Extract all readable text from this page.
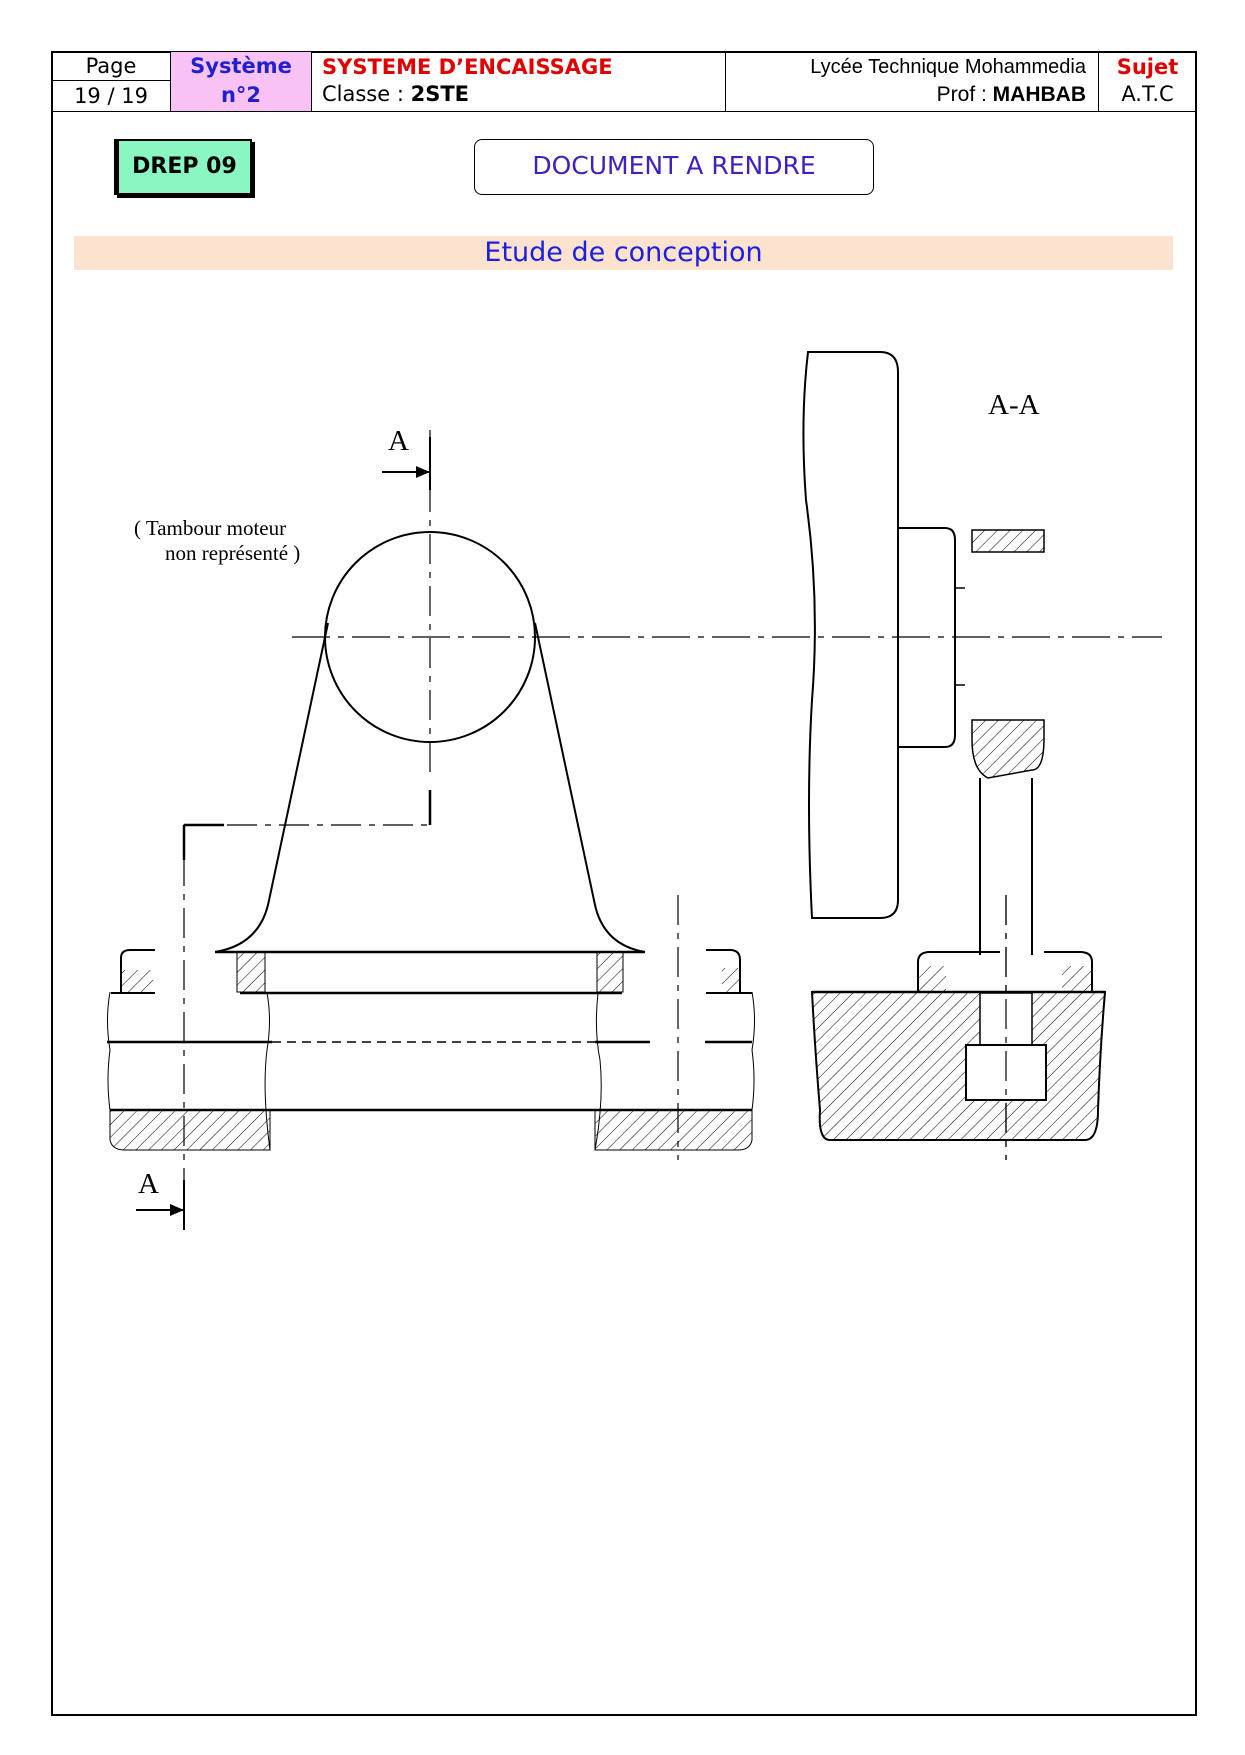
Page
19 / 19

Système
n°2

SYSTEME D’ENCAISSAGE
Classe : 2STE

Lycée Technique Mohammedia
Prof : MAHBAB

Sujet
A.T.C
DREP 09	DOCUMENT A RENDRE
Etude de conception
A
A
( Tambour moteur
non représenté )
A-A
